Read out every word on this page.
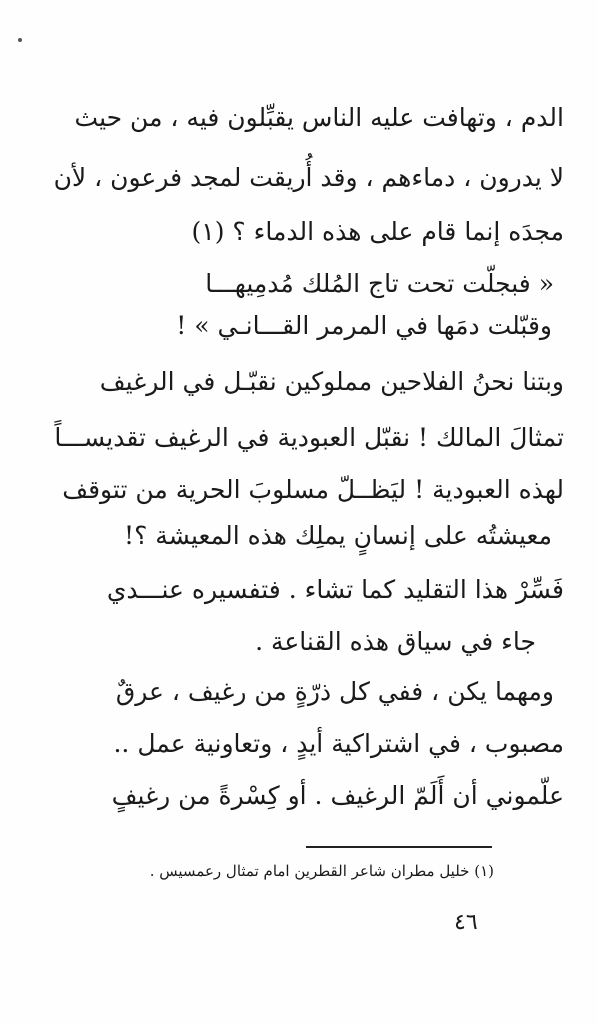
الدم ، وتهافت عليه الناس يقبِّلون فيه ، من حيث
لا يدرون ، دماءهم ، وقد أُريقت لمجد فرعون ، لأن
مجدَه إنما قام على هذه الدماء ؟ (١)
« فبجلّت تحت تاج المُلك مُدمِيهـــا
وقبّلت دمَها في المرمر القـــانـي » !
وبتنا نحنُ الفلاحين مملوكين نقبّـل في الرغيف
تمثالَ المالك ! نقبّل العبودية في الرغيف تقديســـاً
لهذه العبودية ! ليَظــلّ مسلوبَ الحرية من تتوقف
معيشتُه على إنسانٍ يملِك هذه المعيشة ؟!
فَسِّرْ هذا التقليد كما تشاء . فتفسيره عنـــدي
جاء في سياق هذه القناعة .
ومهما يكن ، ففي كل ذرّةٍ من رغيف ، عرقٌ
مصبوب ، في اشتراكية أيدٍ ، وتعاونية عمل ..
علّموني أن أَلَمّ الرغيف . أو كِسْرةً من رغيفٍ
(١) خليل مطران شاعر القطرين امام تمثال رعمسيس .
٤٦
